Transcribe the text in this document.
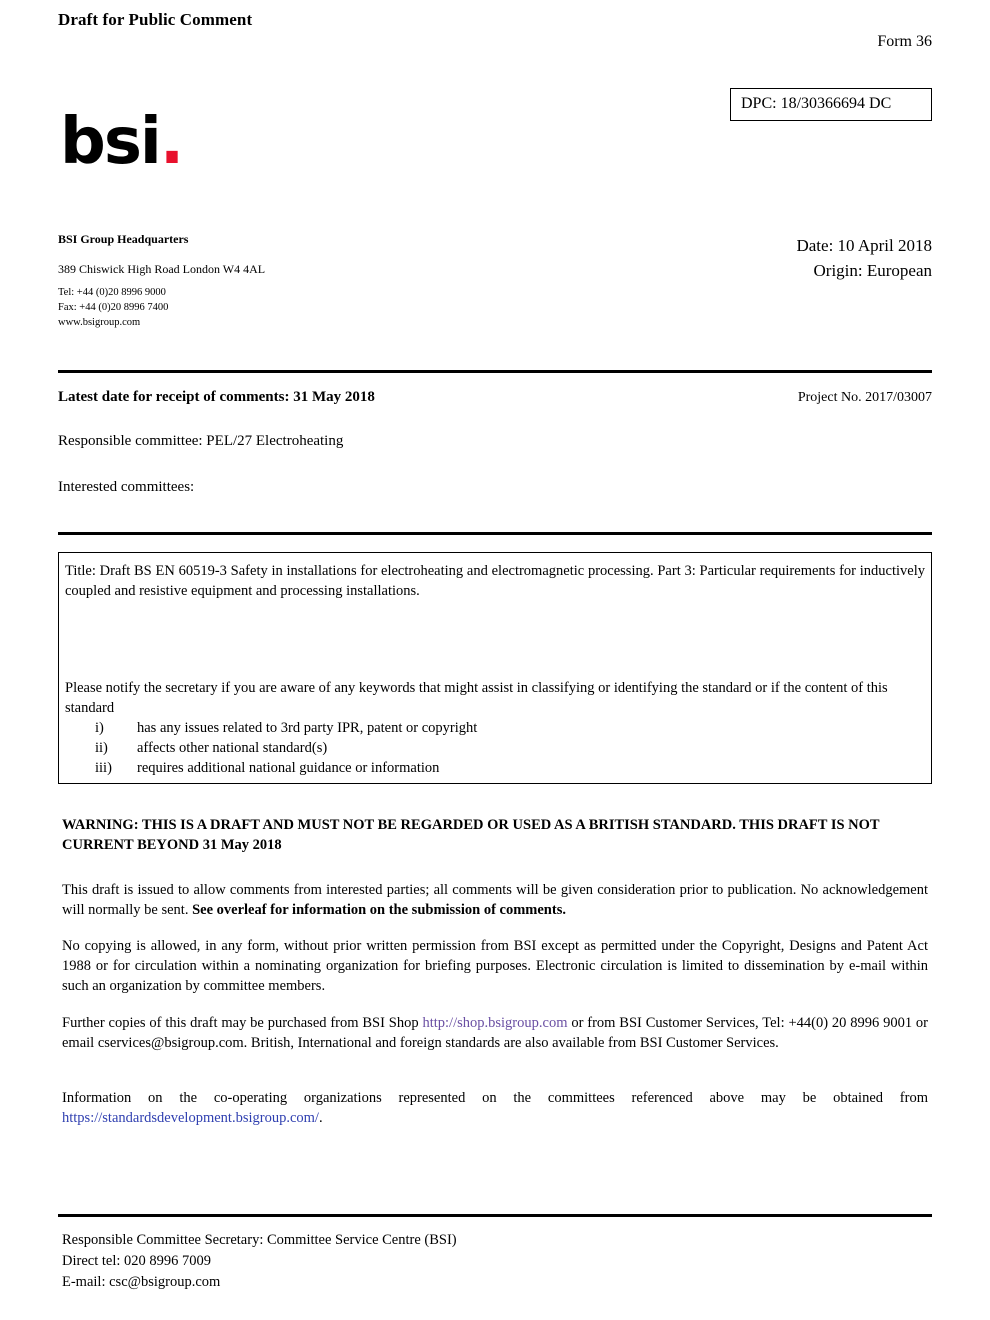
Draft for Public Comment
Form 36
DPC: 18/30366694 DC
bsi.
BSI Group Headquarters
389 Chiswick High Road London W4 4AL
Tel: +44 (0)20 8996 9000
Fax: +44 (0)20 8996 7400
www.bsigroup.com
Date: 10 April 2018
Origin: European
Latest date for receipt of comments: 31 May 2018	Project No. 2017/03007
Responsible committee: PEL/27 Electroheating
Interested committees:
Title: Draft BS EN 60519-3 Safety in installations for electroheating and electromagnetic processing. Part 3: Particular requirements for inductively coupled and resistive equipment and processing installations.
Please notify the secretary if you are aware of any keywords that might assist in classifying or identifying the standard or if the content of this standard
i) has any issues related to 3rd party IPR, patent or copyright
ii) affects other national standard(s)
iii) requires additional national guidance or information
WARNING: THIS IS A DRAFT AND MUST NOT BE REGARDED OR USED AS A BRITISH STANDARD. THIS DRAFT IS NOT CURRENT BEYOND 31 May 2018
This draft is issued to allow comments from interested parties; all comments will be given consideration prior to publication. No acknowledgement will normally be sent. See overleaf for information on the submission of comments.
No copying is allowed, in any form, without prior written permission from BSI except as permitted under the Copyright, Designs and Patent Act 1988 or for circulation within a nominating organization for briefing purposes. Electronic circulation is limited to dissemination by e-mail within such an organization by committee members.
Further copies of this draft may be purchased from BSI Shop http://shop.bsigroup.com or from BSI Customer Services, Tel: +44(0) 20 8996 9001 or email cservices@bsigroup.com. British, International and foreign standards are also available from BSI Customer Services.
Information on the co-operating organizations represented on the committees referenced above may be obtained from https://standardsdevelopment.bsigroup.com/.
Responsible Committee Secretary: Committee Service Centre (BSI)
Direct tel: 020 8996 7009
E-mail: csc@bsigroup.com
